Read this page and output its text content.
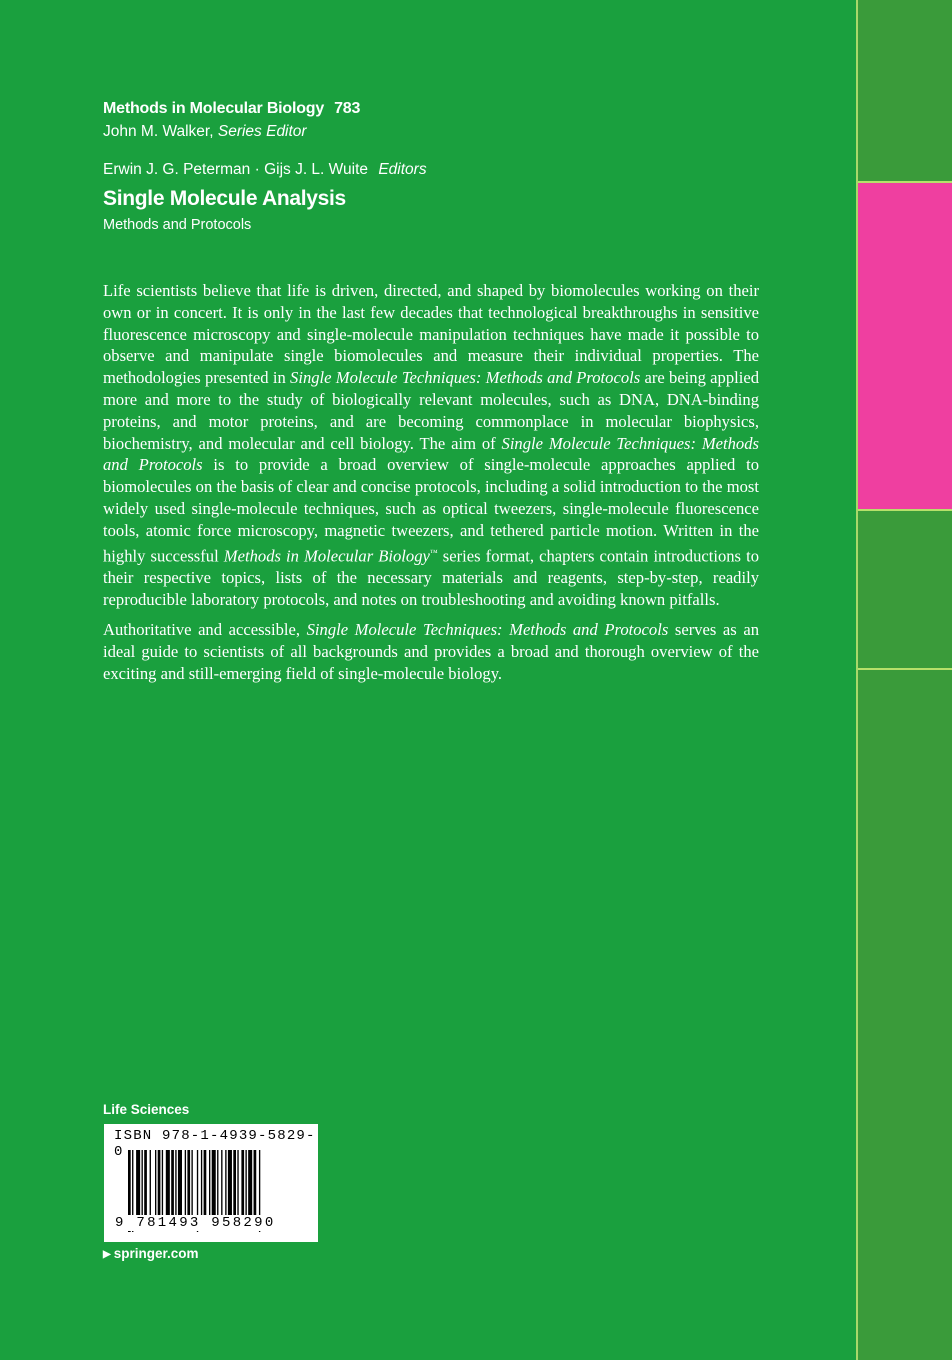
Methods in Molecular Biology 783
John M. Walker, Series Editor
Erwin J. G. Peterman · Gijs J. L. Wuite Editors
Single Molecule Analysis
Methods and Protocols

Life scientists believe that life is driven, directed, and shaped by biomolecules working on their own or in concert. It is only in the last few decades that technological breakthroughs in sensitive fluorescence microscopy and single-molecule manipulation techniques have made it possible to observe and manipulate single biomolecules and measure their individual properties. The methodologies presented in Single Molecule Techniques: Methods and Protocols are being applied more and more to the study of biologically relevant molecules, such as DNA, DNA-binding proteins, and motor proteins, and are becoming commonplace in molecular biophysics, biochemistry, and molecular and cell biology. The aim of Single Molecule Techniques: Methods and Protocols is to provide a broad overview of single-molecule approaches applied to biomolecules on the basis of clear and concise protocols, including a solid introduction to the most widely used single-molecule techniques, such as optical tweezers, single-molecule fluorescence tools, atomic force microscopy, magnetic tweezers, and tethered particle motion. Written in the highly successful Methods in Molecular Biology™ series format, chapters contain introductions to their respective topics, lists of the necessary materials and reagents, step-by-step, readily reproducible laboratory protocols, and notes on troubleshooting and avoiding known pitfalls.

Authoritative and accessible, Single Molecule Techniques: Methods and Protocols serves as an ideal guide to scientists of all backgrounds and provides a broad and thorough overview of the exciting and still-emerging field of single-molecule biology.

Life Sciences
ISBN 978-1-4939-5829-0
9 781493 958290
▶ springer.com
